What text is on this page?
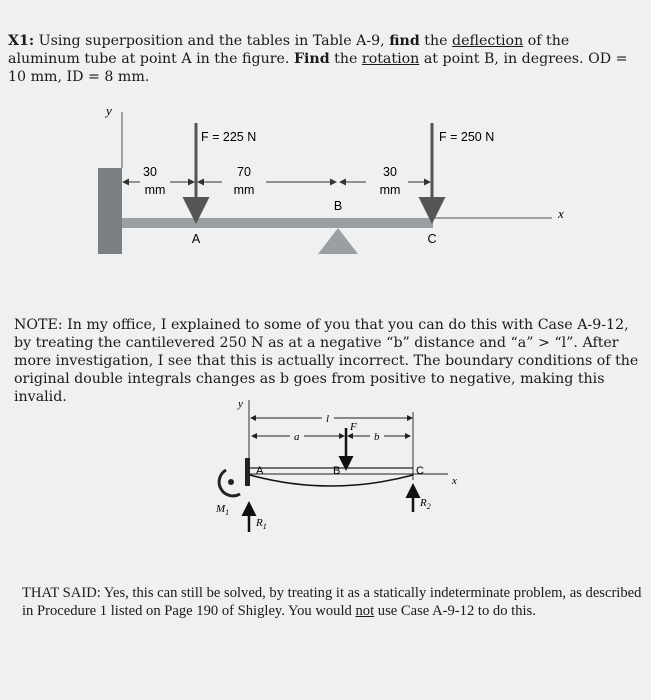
X1: Using superposition and the tables in Table A-9, find the deflection of the aluminum tube at point A in the figure. Find the rotation at point B, in degrees. OD = 10 mm, ID = 8 mm.
y
x
F = 225 N	F = 250 N
30
mm
70
mm
30
mm
A
B
C
NOTE: In my office, I explained to some of you that you can do this with Case A-9-12, by treating the cantilevered 250 N as at a negative “b” distance and “a” > “l”. After more investigation, I see that this is actually incorrect. The boundary conditions of the original double integrals changes as b goes from positive to negative, making this invalid.	y
l
a	b
F
x
A	B	C
$M_1$
$R_1$
$R_2$
THAT SAID: Yes, this can still be solved, by treating it as a statically indeterminate problem, as described in Procedure 1 listed on Page 190 of Shigley. You would not use Case A-9-12 to do this.
